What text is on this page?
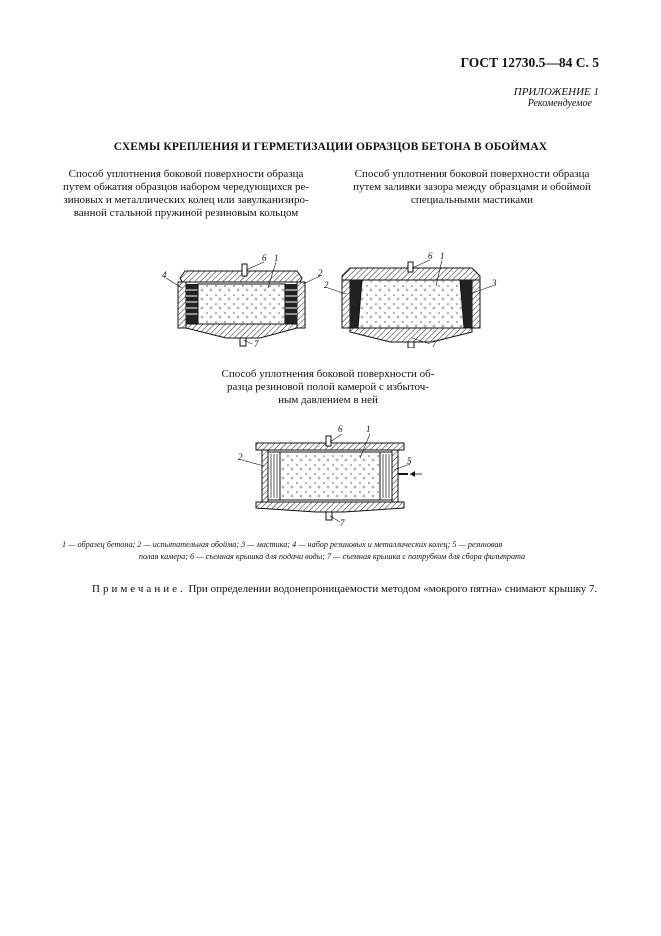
ГОСТ 12730.5—84 С. 5
ПРИЛОЖЕНИЕ 1
Рекомендуемое
СХЕМЫ КРЕПЛЕНИЯ И ГЕРМЕТИЗАЦИИ ОБРАЗЦОВ БЕТОНА В ОБОЙМАХ
Способ уплотнения боковой поверхности образца
путем обжатия образцов набором чередующихся ре-
зиновых и металлических колец или завулканизиро-
ванной стальной пружиной резиновым кольцом
Способ уплотнения боковой поверхности образца
путем заливки зазора между образцами и обоймой
специальными мастиками
4
6 1
2
7
6 1
2	3
7
Способ уплотнения боковой поверхности об-
разца резиновой полой камерой с избыточ-
ным давлением в ней
6	1
2	5
7
1 — образец бетона; 2 — испытательная обойма; 3 — мастика; 4 — набор резиновых и металлических колец; 5 — резиновая
полая камера; 6 — съемная крышка для подачи воды; 7 — съемная крышка с патрубком для сбора фильтрата
Примечание. При определении водонепроницаемости методом «мокрого пятна» снимают крышку 7.
